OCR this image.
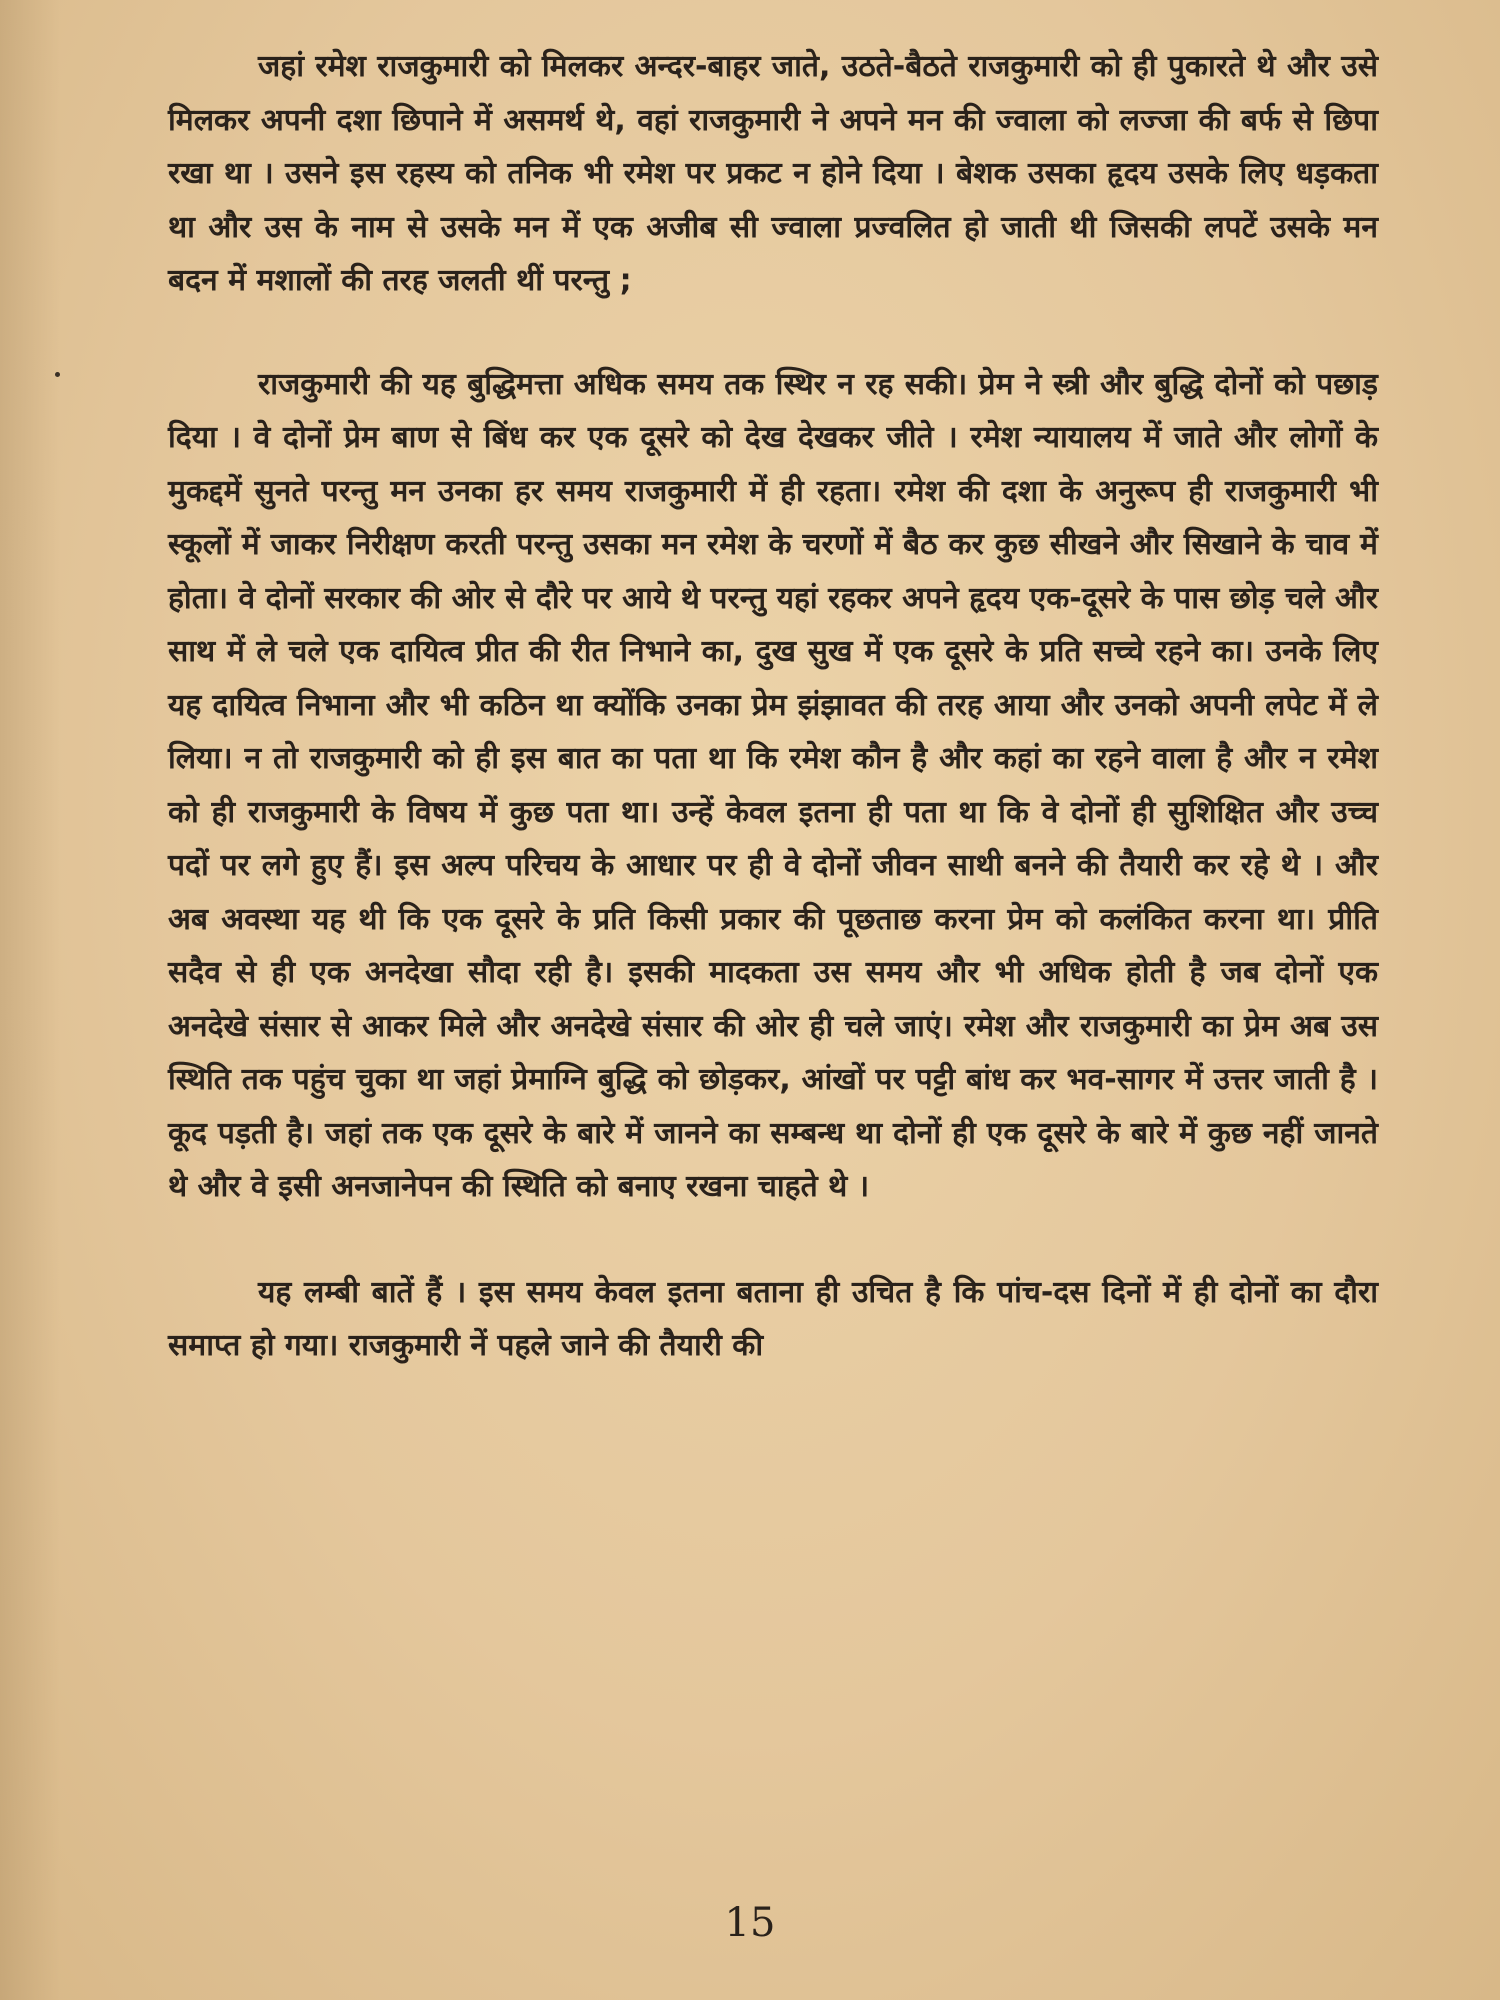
जहां रमेश राजकुमारी को मिलकर अन्दर-बाहर जाते, उठते-बैठते राजकुमारी को ही पुकारते थे और उसे मिलकर अपनी दशा छिपाने में असमर्थ थे, वहां राजकुमारी ने अपने मन की ज्वाला को लज्जा की बर्फ से छिपा रखा था । उसने इस रहस्य को तनिक भी रमेश पर प्रकट न होने दिया । बेशक उसका हृदय उसके लिए धड़कता था और उस के नाम से उसके मन में एक अजीब सी ज्वाला प्रज्वलित हो जाती थी जिसकी लपटें उसके मन बदन में मशालों की तरह जलती थीं परन्तु ;

राजकुमारी की यह बुद्धिमत्ता अधिक समय तक स्थिर न रह सकी। प्रेम ने स्त्री और बुद्धि दोनों को पछाड़ दिया । वे दोनों प्रेम बाण से बिंध कर एक दूसरे को देख देखकर जीते । रमेश न्यायालय में जाते और लोगों के मुकद्दमें सुनते परन्तु मन उनका हर समय राजकुमारी में ही रहता। रमेश की दशा के अनुरूप ही राजकुमारी भी स्कूलों में जाकर निरीक्षण करती परन्तु उसका मन रमेश के चरणों में बैठ कर कुछ सीखने और सिखाने के चाव में होता। वे दोनों सरकार की ओर से दौरे पर आये थे परन्तु यहां रहकर अपने हृदय एक-दूसरे के पास छोड़ चले और साथ में ले चले एक दायित्व प्रीत की रीत निभाने का, दुख सुख में एक दूसरे के प्रति सच्चे रहने का। उनके लिए यह दायित्व निभाना और भी कठिन था क्योंकि उनका प्रेम झंझावत की तरह आया और उनको अपनी लपेट में ले लिया। न तो राजकुमारी को ही इस बात का पता था कि रमेश कौन है और कहां का रहने वाला है और न रमेश को ही राजकुमारी के विषय में कुछ पता था। उन्हें केवल इतना ही पता था कि वे दोनों ही सुशिक्षित और उच्च पदों पर लगे हुए हैं। इस अल्प परिचय के आधार पर ही वे दोनों जीवन साथी बनने की तैयारी कर रहे थे । और अब अवस्था यह थी कि एक दूसरे के प्रति किसी प्रकार की पूछताछ करना प्रेम को कलंकित करना था। प्रीति सदैव से ही एक अनदेखा सौदा रही है। इसकी मादकता उस समय और भी अधिक होती है जब दोनों एक अनदेखे संसार से आकर मिले और अनदेखे संसार की ओर ही चले जाएं। रमेश और राजकुमारी का प्रेम अब उस स्थिति तक पहुंच चुका था जहां प्रेमाग्नि बुद्धि को छोड़कर, आंखों पर पट्टी बांध कर भव-सागर में उत्तर जाती है । कूद पड़ती है। जहां तक एक दूसरे के बारे में जानने का सम्बन्ध था दोनों ही एक दूसरे के बारे में कुछ नहीं जानते थे और वे इसी अनजानेपन की स्थिति को बनाए रखना चाहते थे ।

यह लम्बी बातें हैं । इस समय केवल इतना बताना ही उचित है कि पांच-दस दिनों में ही दोनों का दौरा समाप्त हो गया। राजकुमारी नें पहले जाने की तैयारी की

15
